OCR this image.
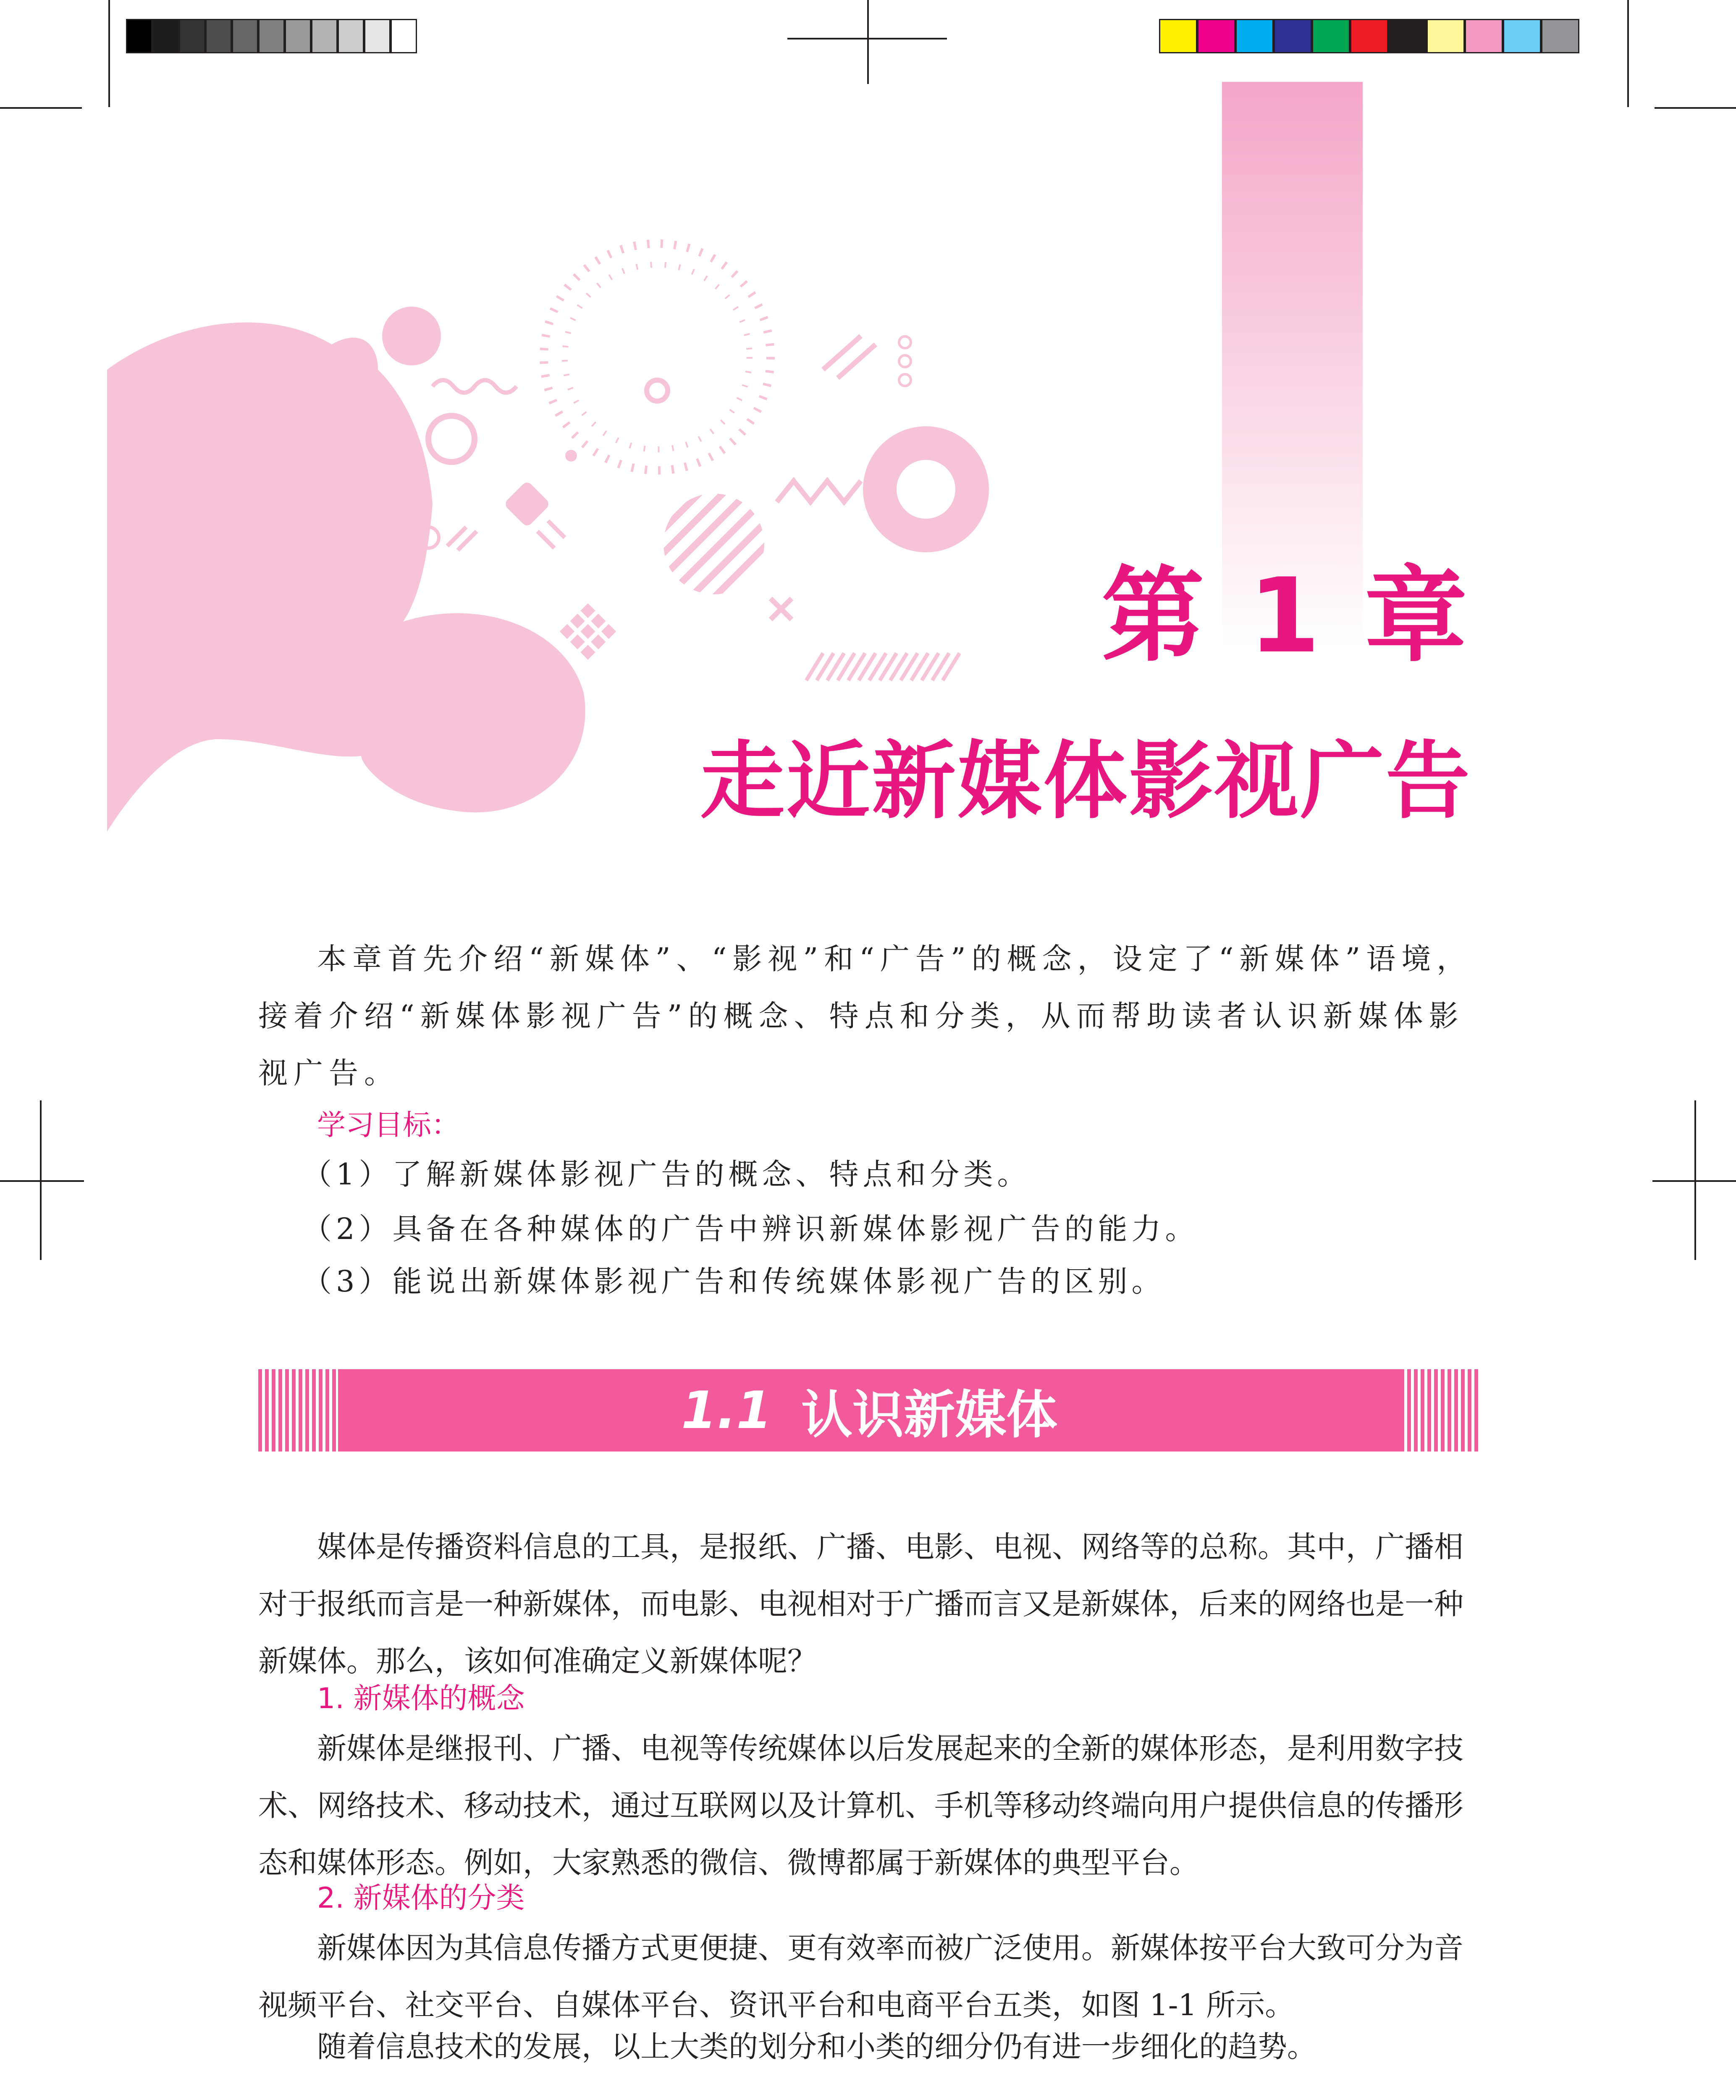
第 1 章
走近新媒体影视广告

本章首先介绍“新媒体”、“影视”和“广告”的概念，设定了“新媒体”语境，接着介绍“新媒体影视广告”的概念、特点和分类，从而帮助读者认识新媒体影视广告。

学习目标：
（1）了解新媒体影视广告的概念、特点和分类。
（2）具备在各种媒体的广告中辨识新媒体影视广告的能力。
（3）能说出新媒体影视广告和传统媒体影视广告的区别。
1.1 认识新媒体

媒体是传播资料信息的工具，是报纸、广播、电影、电视、网络等的总称。其中，广播相对于报纸而言是一种新媒体，而电影、电视相对于广播而言又是新媒体，后来的网络也是一种新媒体。那么，该如何准确定义新媒体呢？

1. 新媒体的概念

新媒体是继报刊、广播、电视等传统媒体以后发展起来的全新的媒体形态，是利用数字技术、网络技术、移动技术，通过互联网以及计算机、手机等移动终端向用户提供信息的传播形态和媒体形态。例如，大家熟悉的微信、微博都属于新媒体的典型平台。

2. 新媒体的分类

新媒体因为其信息传播方式更便捷、更有效率而被广泛使用。新媒体按平台大致可分为音视频平台、社交平台、自媒体平台、资讯平台和电商平台五类，如图 1-1 所示。

随着信息技术的发展，以上大类的划分和小类的细分仍有进一步细化的趋势。
